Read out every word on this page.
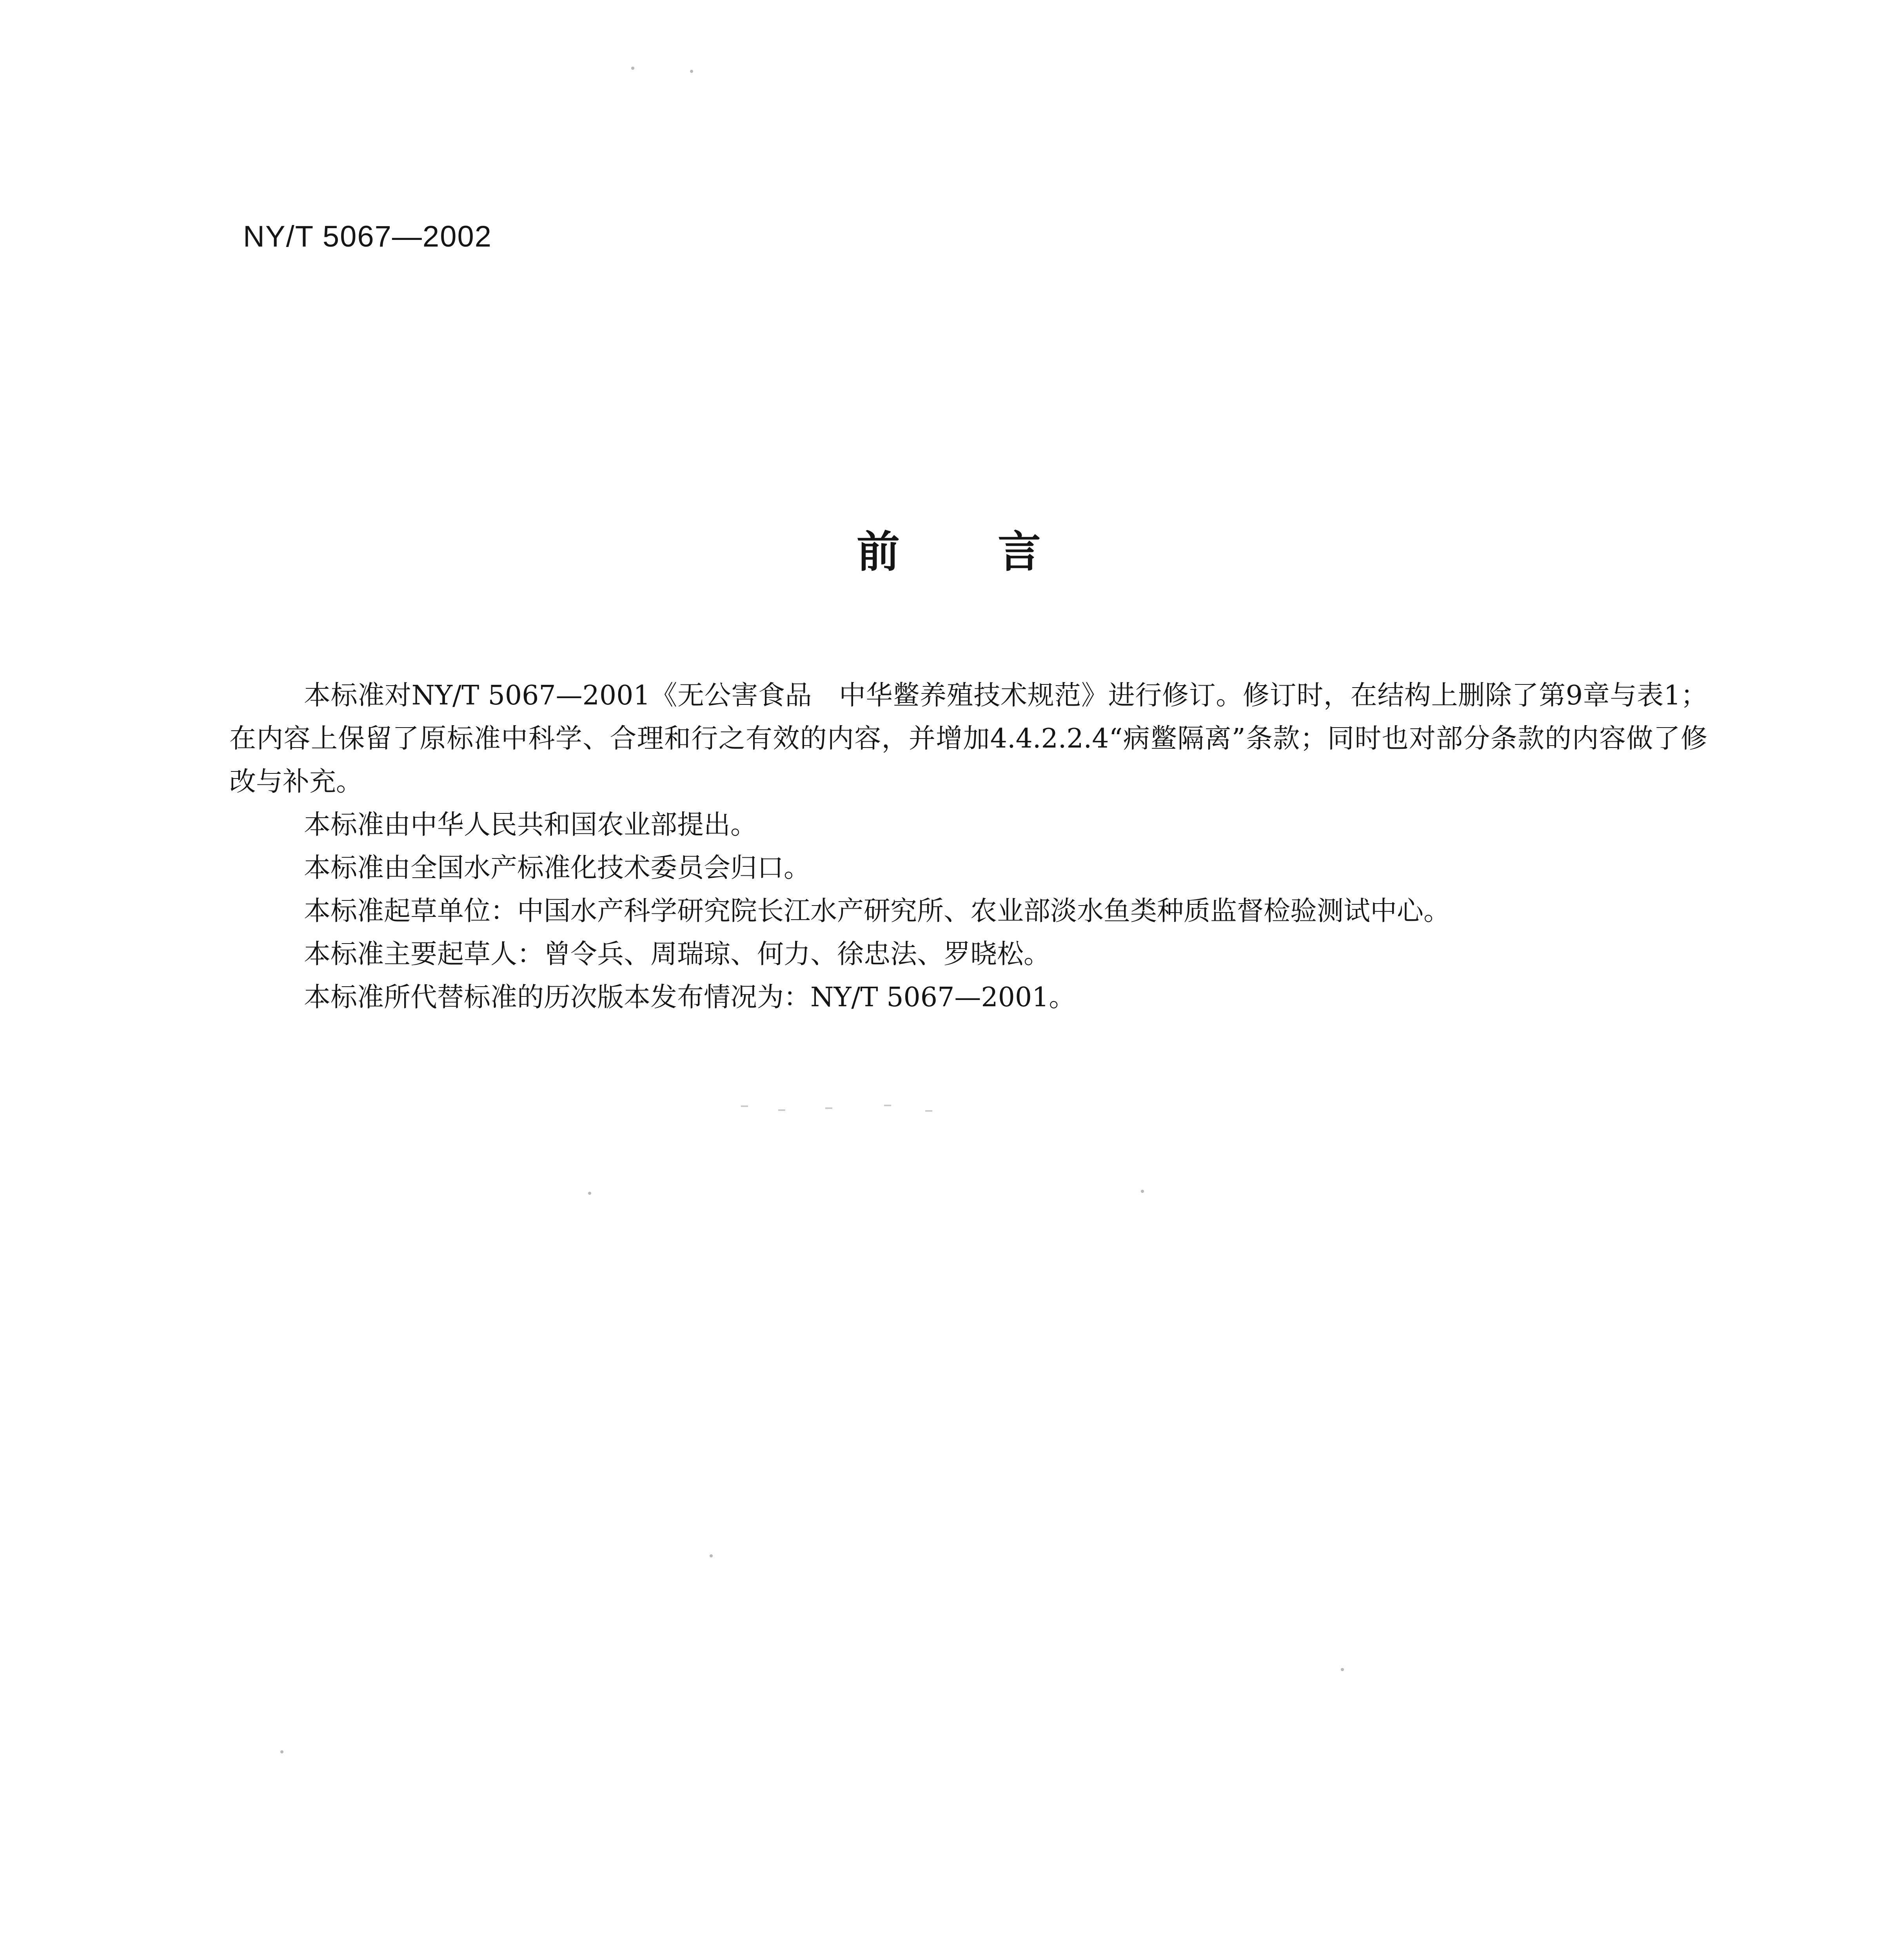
NY/T 5067—2002
前言

本标准对NY/T 5067—2001《无公害食品　中华鳖养殖技术规范》进行修订。修订时，在结构上删除了第9章与表1；在内容上保留了原标准中科学、合理和行之有效的内容，并增加4.4.2.2.4“病鳖隔离”条款；同时也对部分条款的内容做了修改与补充。

本标准由中华人民共和国农业部提出。

本标准由全国水产标准化技术委员会归口。

本标准起草单位：中国水产科学研究院长江水产研究所、农业部淡水鱼类种质监督检验测试中心。

本标准主要起草人：曾令兵、周瑞琼、何力、徐忠法、罗晓松。

本标准所代替标准的历次版本发布情况为：NY/T 5067—2001。
